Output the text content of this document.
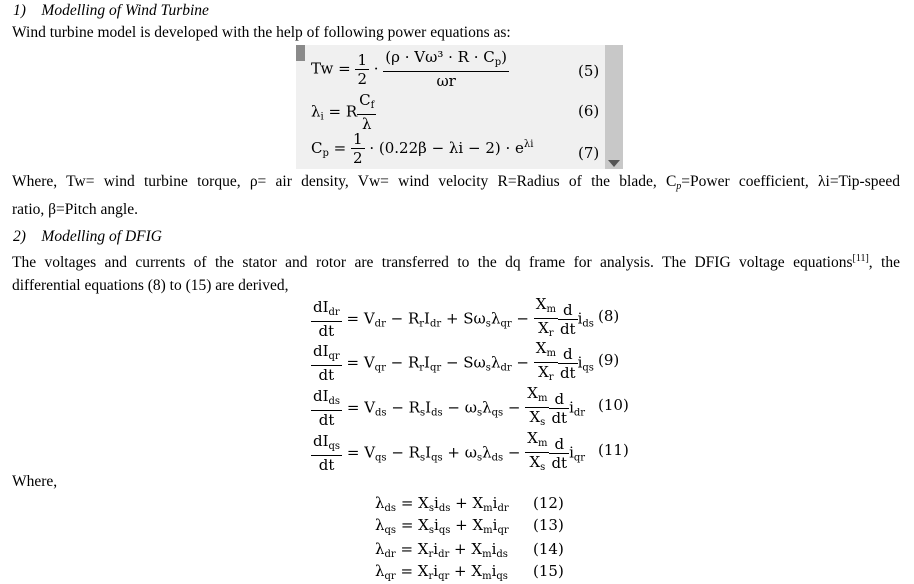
1) Modelling of Wind Turbine
Wind turbine model is developed with the help of following power equations as:
$Tw = \frac{1}{2} \cdot \frac{(\rho \cdot V\omega^3 \cdot R \cdot C_p)}{\omega r}$	(5)
$\lambda_i = R \frac{C_f}{\lambda}$	(6)
$C_p = \frac{1}{2} \cdot (0.22\beta - \lambda i - 2) \cdot e^{\lambda i}$	(7)
Where, Tw= wind turbine torque, ρ= air density, Vw= wind velocity R=Radius of the blade, $C_p=Power$ coefficient, λi=Tip-speed
ratio, β=Pitch angle.
2) Modelling of DFIG
The voltages and currents of the stator and rotor are transferred to the dq frame for analysis. The DFIG voltage equations[11], the
differential equations (8) to (15) are derived,
$\frac{dI_{dr}}{dt} = V_{dr} - R_rI_{dr} + S\omega_s\lambda_{qr} - \frac{X_m}{X_r} \frac{d}{dt} i_{ds}$ (8)
$\frac{dI_{qr}}{dt} = V_{qr} - R_rI_{qr} - S\omega_s\lambda_{dr} - \frac{X_m}{X_r} \frac{d}{dt} i_{qs}$ (9)
$\frac{dI_{ds}}{dt} = V_{ds} - R_sI_{ds} - \omega_s\lambda_{qs} - \frac{X_m}{X_s} \frac{d}{dt} i_{dr}$ (10)
$\frac{dI_{qs}}{dt} = V_{qs} - R_sI_{qs} + \omega_s\lambda_{ds} - \frac{X_m}{X_s} \frac{d}{dt} i_{qr}$ (11)
Where,
$\lambda_{ds} = X_si_{ds} + X_mi_{dr}$ (12)
$\lambda_{qs} = X_si_{qs} + X_mi_{qr}$ (13)
$\lambda_{dr} = X_ri_{dr} + X_mi_{ds}$ (14)
$\lambda_{qr} = X_ri_{qr} + X_mi_{qs}$ (15)
